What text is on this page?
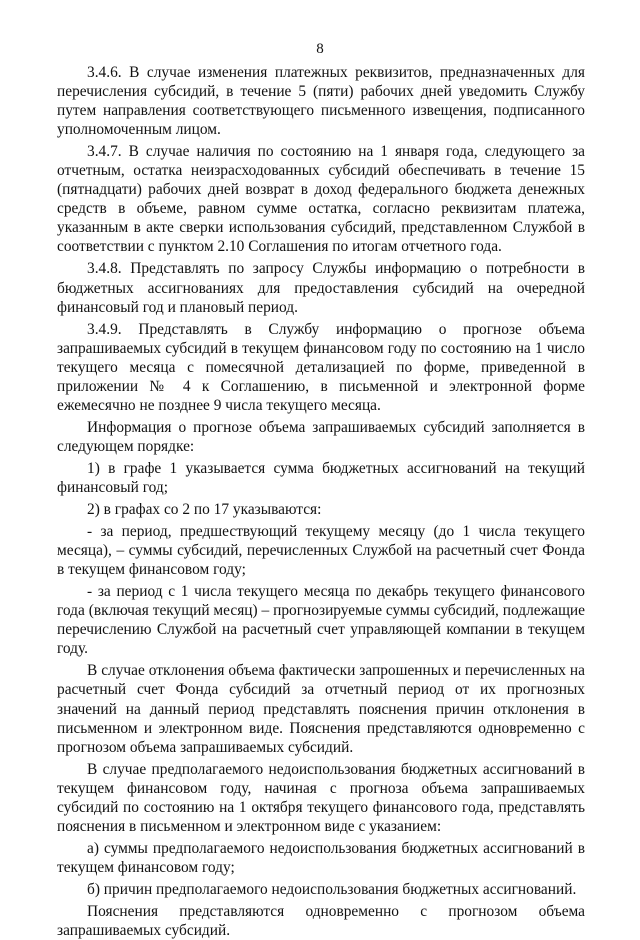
8

3.4.6. В случае изменения платежных реквизитов, предназначенных для перечисления субсидий, в течение 5 (пяти) рабочих дней уведомить Службу путем направления соответствующего письменного извещения, подписанного уполномоченным лицом.

3.4.7. В случае наличия по состоянию на 1 января года, следующего за отчетным, остатка неизрасходованных субсидий обеспечивать в течение 15 (пятнадцати) рабочих дней возврат в доход федерального бюджета денежных средств в объеме, равном сумме остатка, согласно реквизитам платежа, указанным в акте сверки использования субсидий, представленном Службой в соответствии с пунктом 2.10 Соглашения по итогам отчетного года.

3.4.8. Представлять по запросу Службы информацию о потребности в бюджетных ассигнованиях для предоставления субсидий на очередной финансовый год и плановый период.

3.4.9. Представлять в Службу информацию о прогнозе объема запрашиваемых субсидий в текущем финансовом году по состоянию на 1 число текущего месяца с помесячной детализацией по форме, приведенной в приложении № 4 к Соглашению, в письменной и электронной форме ежемесячно не позднее 9 числа текущего месяца.

Информация о прогнозе объема запрашиваемых субсидий заполняется в следующем порядке:

1) в графе 1 указывается сумма бюджетных ассигнований на текущий финансовый год;

2) в графах со 2 по 17 указываются:

- за период, предшествующий текущему месяцу (до 1 числа текущего месяца), – суммы субсидий, перечисленных Службой на расчетный счет Фонда в текущем финансовом году;

- за период с 1 числа текущего месяца по декабрь текущего финансового года (включая текущий месяц) – прогнозируемые суммы субсидий, подлежащие перечислению Службой на расчетный счет управляющей компании в текущем году.

В случае отклонения объема фактически запрошенных и перечисленных на расчетный счет Фонда субсидий за отчетный период от их прогнозных значений на данный период представлять пояснения причин отклонения в письменном и электронном виде. Пояснения представляются одновременно с прогнозом объема запрашиваемых субсидий.

В случае предполагаемого недоиспользования бюджетных ассигнований в текущем финансовом году, начиная с прогноза объема запрашиваемых субсидий по состоянию на 1 октября текущего финансового года, представлять пояснения в письменном и электронном виде с указанием:

а) суммы предполагаемого недоиспользования бюджетных ассигнований в текущем финансовом году;

б) причин предполагаемого недоиспользования бюджетных ассигнований.

Пояснения представляются одновременно с прогнозом объема запрашиваемых субсидий.
